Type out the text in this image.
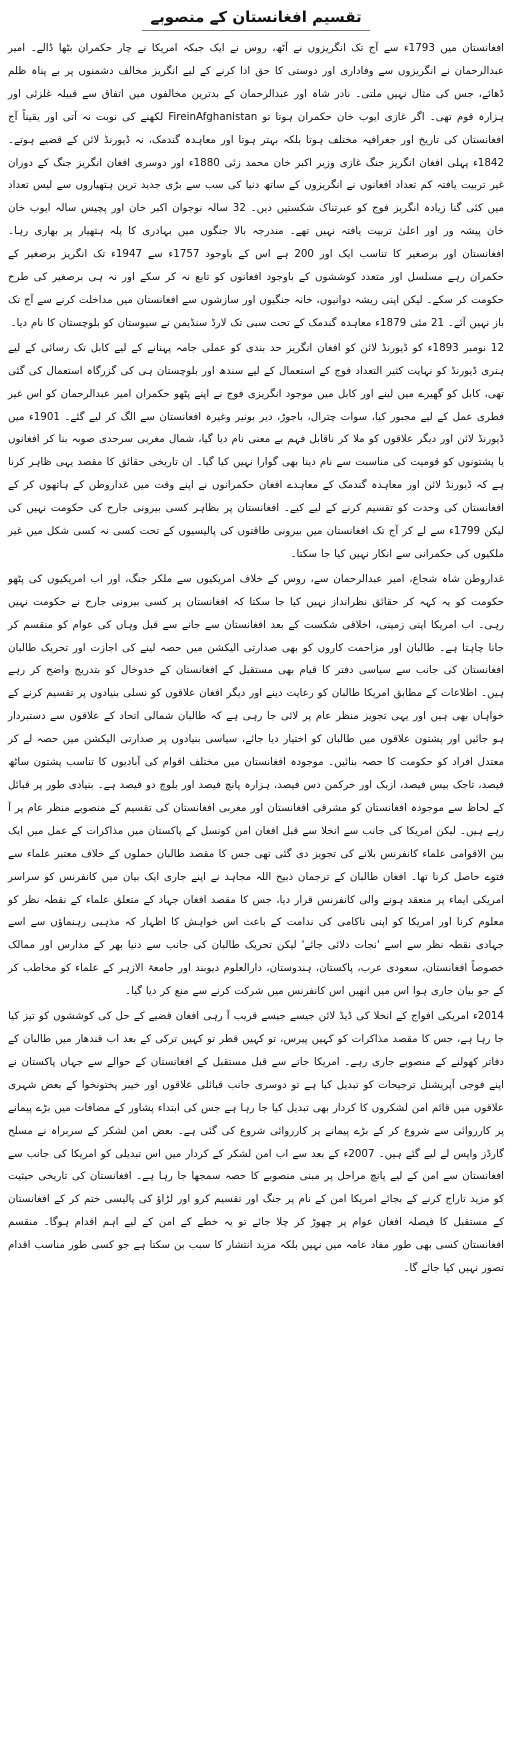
تقسیم افغانستان کے منصوبے

افغانستان میں 1793ء سے آج تک انگریزوں نے آٹھ، روس نے ایک جبکہ امریکا نے چار حکمران بٹھا ڈالے۔ امیر عبدالرحمان نے انگریزوں سے وفاداری اور دوستی کا حق ادا کرنے کے لیے انگریز مخالف دشمنوں پر بے پناہ ظلم ڈھائے، جس کی مثال نہیں ملتی۔ نادر شاہ اور عبدالرحمان کے بدترین مخالفوں میں اتفاق سے قبیلہ غلزئی اور ہزارہ قوم تھی۔ اگر غازی ایوب خان حکمران ہوتا تو FireinAfghanistan لکھنے کی نوبت نہ آتی اور یقیناً آج افغانستان کی تاریخ اور جغرافیہ مختلف ہوتا بلکہ بہتر ہوتا اور معاہدہ گندمک، نہ ڈیورنڈ لائن کے قضیے ہوتے۔ 1842ء پہلی افغان انگریز جنگ غازی وزیر اکبر خان محمد زئی 1880ء اور دوسری افغان انگریز جنگ کے دوران غیر تربیت یافتہ کم تعداد افغانوں نے انگریزوں کے ساتھ دنیا کی سب سے بڑی جدید ترین ہتھیاروں سے لیس تعداد میں کئی گنا زیادہ انگریز فوج کو عبرتناک شکستیں دیں۔ 32 سالہ نوجوان اکبر خان اور پچیس سالہ ایوب خان خان پیشہ ور اور اعلیٰ تربیت یافتہ نہیں تھے۔ مندرجہ بالا جنگوں میں بہادری کا پلہ ہتھیار پر بھاری رہا۔ افغانستان اور برصغیر کا تناسب ایک اور 200 ہے اس کے باوجود 1757ء سے 1947ء تک انگریز برصغیر کے حکمران رہے مسلسل اور متعدد کوششوں کے باوجود افغانوں کو تابع نہ کر سکے اور نہ ہی برصغیر کی طرح حکومت کر سکے۔ لیکن اپنی ریشہ دوانیوں، خانہ جنگیوں اور سازشوں سے افغانستان میں مداخلت کرنے سے آج تک باز نہیں آئے۔ 21 مئی 1879ء معاہدہ گندمک کے تحت سبی تک لارڈ سنڈیمن نے سیوستان کو بلوچستان کا نام دیا۔

12 نومبر 1893ء کو ڈیورنڈ لائن کو افغان انگریز حد بندی کو عملی جامہ پہنانے کے لیے کابل تک رسائی کے لیے ہنری ڈیورنڈ کو نہایت کثیر التعداد فوج کے استعمال کے لیے سندھ اور بلوچستان ہی کی گزرگاہ استعمال کی گئی تھی، کابل کو گھیرے میں لینے اور کابل میں موجود انگریزی فوج نے اپنے پٹھو حکمران امیر عبدالرحمان کو اس غیر فطری عمل کے لیے مجبور کیا، سوات چترال، باجوڑ، دیر بونیر وغیرہ افغانستان سے الگ کر لیے گئے۔ 1901ء میں ڈیورنڈ لائن اور دیگر علاقوں کو ملا کر ناقابل فہم بے معنی نام دیا گیا، شمال مغربی سرحدی صوبہ بنا کر افغانوں یا پشتونوں کو قومیت کی مناسبت سے نام دینا بھی گوارا نہیں کیا گیا۔ ان تاریخی حقائق کا مقصد یہی ظاہر کرنا ہے کہ ڈیورنڈ لائن اور معاہدہ گندمک کے معاہدے افغان حکمرانوں نے اپنے وقت میں غداروطن کے ہاتھوں کر کے افغانستان کی وحدت کو تقسیم کرنے کے لیے کیے۔ افغانستان پر بظاہر کسی بیرونی جارح کی حکومت نہیں کی لیکن 1799ء سے لے کر آج تک افغانستان میں بیرونی طاقتوں کی پالیسیوں کے تحت کسی نہ کسی شکل میں غیر ملکیوں کی حکمرانی سے انکار نہیں کیا جا سکتا۔

غداروطن شاہ شجاع، امیر عبدالرحمان سے، روس کے خلاف امریکیوں سے ملکر جنگ، اور اب امریکیوں کی پٹھو حکومت کو یہ کہہ کر حقائق نظرانداز نہیں کیا جا سکتا کہ افغانستان پر کسی بیرونی جارح نے حکومت نہیں رہی۔ اب امریکا اپنی زمینی، اخلاقی شکست کے بعد افغانستان سے جانے سے قبل وہاں کی عوام کو منقسم کر جانا چاہتا ہے۔ طالبان اور مزاحمت کاروں کو بھی صدارتی الیکشن میں حصہ لینے کی اجازت اور تحریک طالبان افغانستان کی جانب سے سیاسی دفتر کا قیام بھی مستقبل کے افغانستان کے خدوخال کو بتدریج واضح کر رہے ہیں۔ اطلاعات کے مطابق امریکا طالبان کو رعایت دینے اور دیگر افغان علاقوں کو نسلی بنیادوں پر تقسیم کرنے کے خواہاں بھی ہیں اور یہی تجویز منظر عام پر لائی جا رہی ہے کہ طالبان شمالی اتحاد کے علاقوں سے دستبردار ہو جائیں اور پشتون علاقوں میں طالبان کو اختیار دیا جائے، سیاسی بنیادوں پر صدارتی الیکشن میں حصہ لے کر معتدل افراد کو حکومت کا حصہ بنائیں۔ موجودہ افغانستان میں مختلف اقوام کی آبادیوں کا تناسب پشتون ساٹھ فیصد، تاجک بیس فیصد، ازبک اور خرکمن دس فیصد، ہزارہ پانچ فیصد اور بلوچ دو فیصد ہے۔ بنیادی طور پر قبائل کے لحاظ سے موجودہ افغانستان کو مشرقی افغانستان اور مغربی افغانستان کی تقسیم کے منصوبے منظر عام پر آ رہے ہیں۔ لیکن امریکا کی جانب سے انخلا سے قبل افغان امن کونسل کے پاکستان میں مذاکرات کے عمل میں ایک بین الاقوامی علماء کانفرنس بلانے کی تجویز دی گئی تھی جس کا مقصد طالبان حملوں کے خلاف معتبر علماء سے فتوے حاصل کرنا تھا۔ افغان طالبان کے ترجمان ذبیح اللہ مجاہد نے اپنے جاری ایک بیان میں کانفرنس کو سراسر امریکی ایماء پر منعقد ہونے والی کانفرنس قرار دیا، جس کا مقصد افغان جہاد کے متعلق علماء کے نقطہ نظر کو معلوم کرنا اور امریکا کو اپنی ناکامی کی ندامت کے باعث اس خواہش کا اظہار کہ مذہبی رہنماؤں سے اسے جہادی نقطہ نظر سے اسے 'نجات دلائی جائے' لیکن تحریک طالبان کی جانب سے دنیا بھر کے مدارس اور ممالک خصوصاً افغانستان، سعودی عرب، پاکستان، ہندوستان، دارالعلوم دیوبند اور جامعۃ الازہر کے علماء کو مخاطب کر کے جو بیان جاری ہوا اس میں انھیں اس کانفرنس میں شرکت کرنے سے منع کر دیا گیا۔

2014ء امریکی افواج کے انخلا کی ڈیڈ لائن جیسے جیسے قریب آ رہی افغان قضیے کے حل کی کوششوں کو تیز کیا جا رہا ہے، جس کا مقصد مذاکرات کو کہیں پیرس، تو کہیں قطر تو کہیں ترکی کے بعد اب قندھار میں طالبان کے دفاتر کھولنے کے منصوبے جاری رہے۔ امریکا جانے سے قبل مستقبل کے افغانستان کے حوالے سے جہاں پاکستان نے اپنے فوجی آپریشنل ترجیحات کو تبدیل کیا ہے تو دوسری جانب قبائلی علاقوں اور خیبر پختونخوا کے بعض شہری علاقوں میں قائم امن لشکروں کا کردار بھی تبدیل کیا جا رہا ہے جس کی ابتداء پشاور کے مضافات میں بڑے پیمانے پر کارروائی سے شروع کر کے بڑے پیمانے پر کارروائی شروع کی گئی ہے۔ بعض امن لشکر کے سربراہ نے مسلح گارڈز واپس لے لیے گئے ہیں۔ 2007ء کے بعد سے اب امن لشکر کے کردار میں اس تبدیلی کو امریکا کی جانب سے افغانستان سے امن کے لیے پانچ مراحل پر مبنی منصوبے کا حصہ سمجھا جا رہا ہے۔ افغانستان کی تاریخی حیثیت کو مزید تاراج کرنے کے بجائے امریکا امن کے نام پر جنگ اور تقسیم کرو اور لڑاؤ کی پالیسی ختم کر کے افغانستان کے مستقبل کا فیصلہ افغان عوام پر چھوڑ کر چلا جائے تو یہ خطے کے امن کے لیے اہم اقدام ہوگا۔ منقسم افغانستان کسی بھی طور مفاد عامہ میں نہیں بلکہ مزید انتشار کا سبب بن سکتا ہے جو کسی طور مناسب اقدام تصور نہیں کیا جائے گا۔
